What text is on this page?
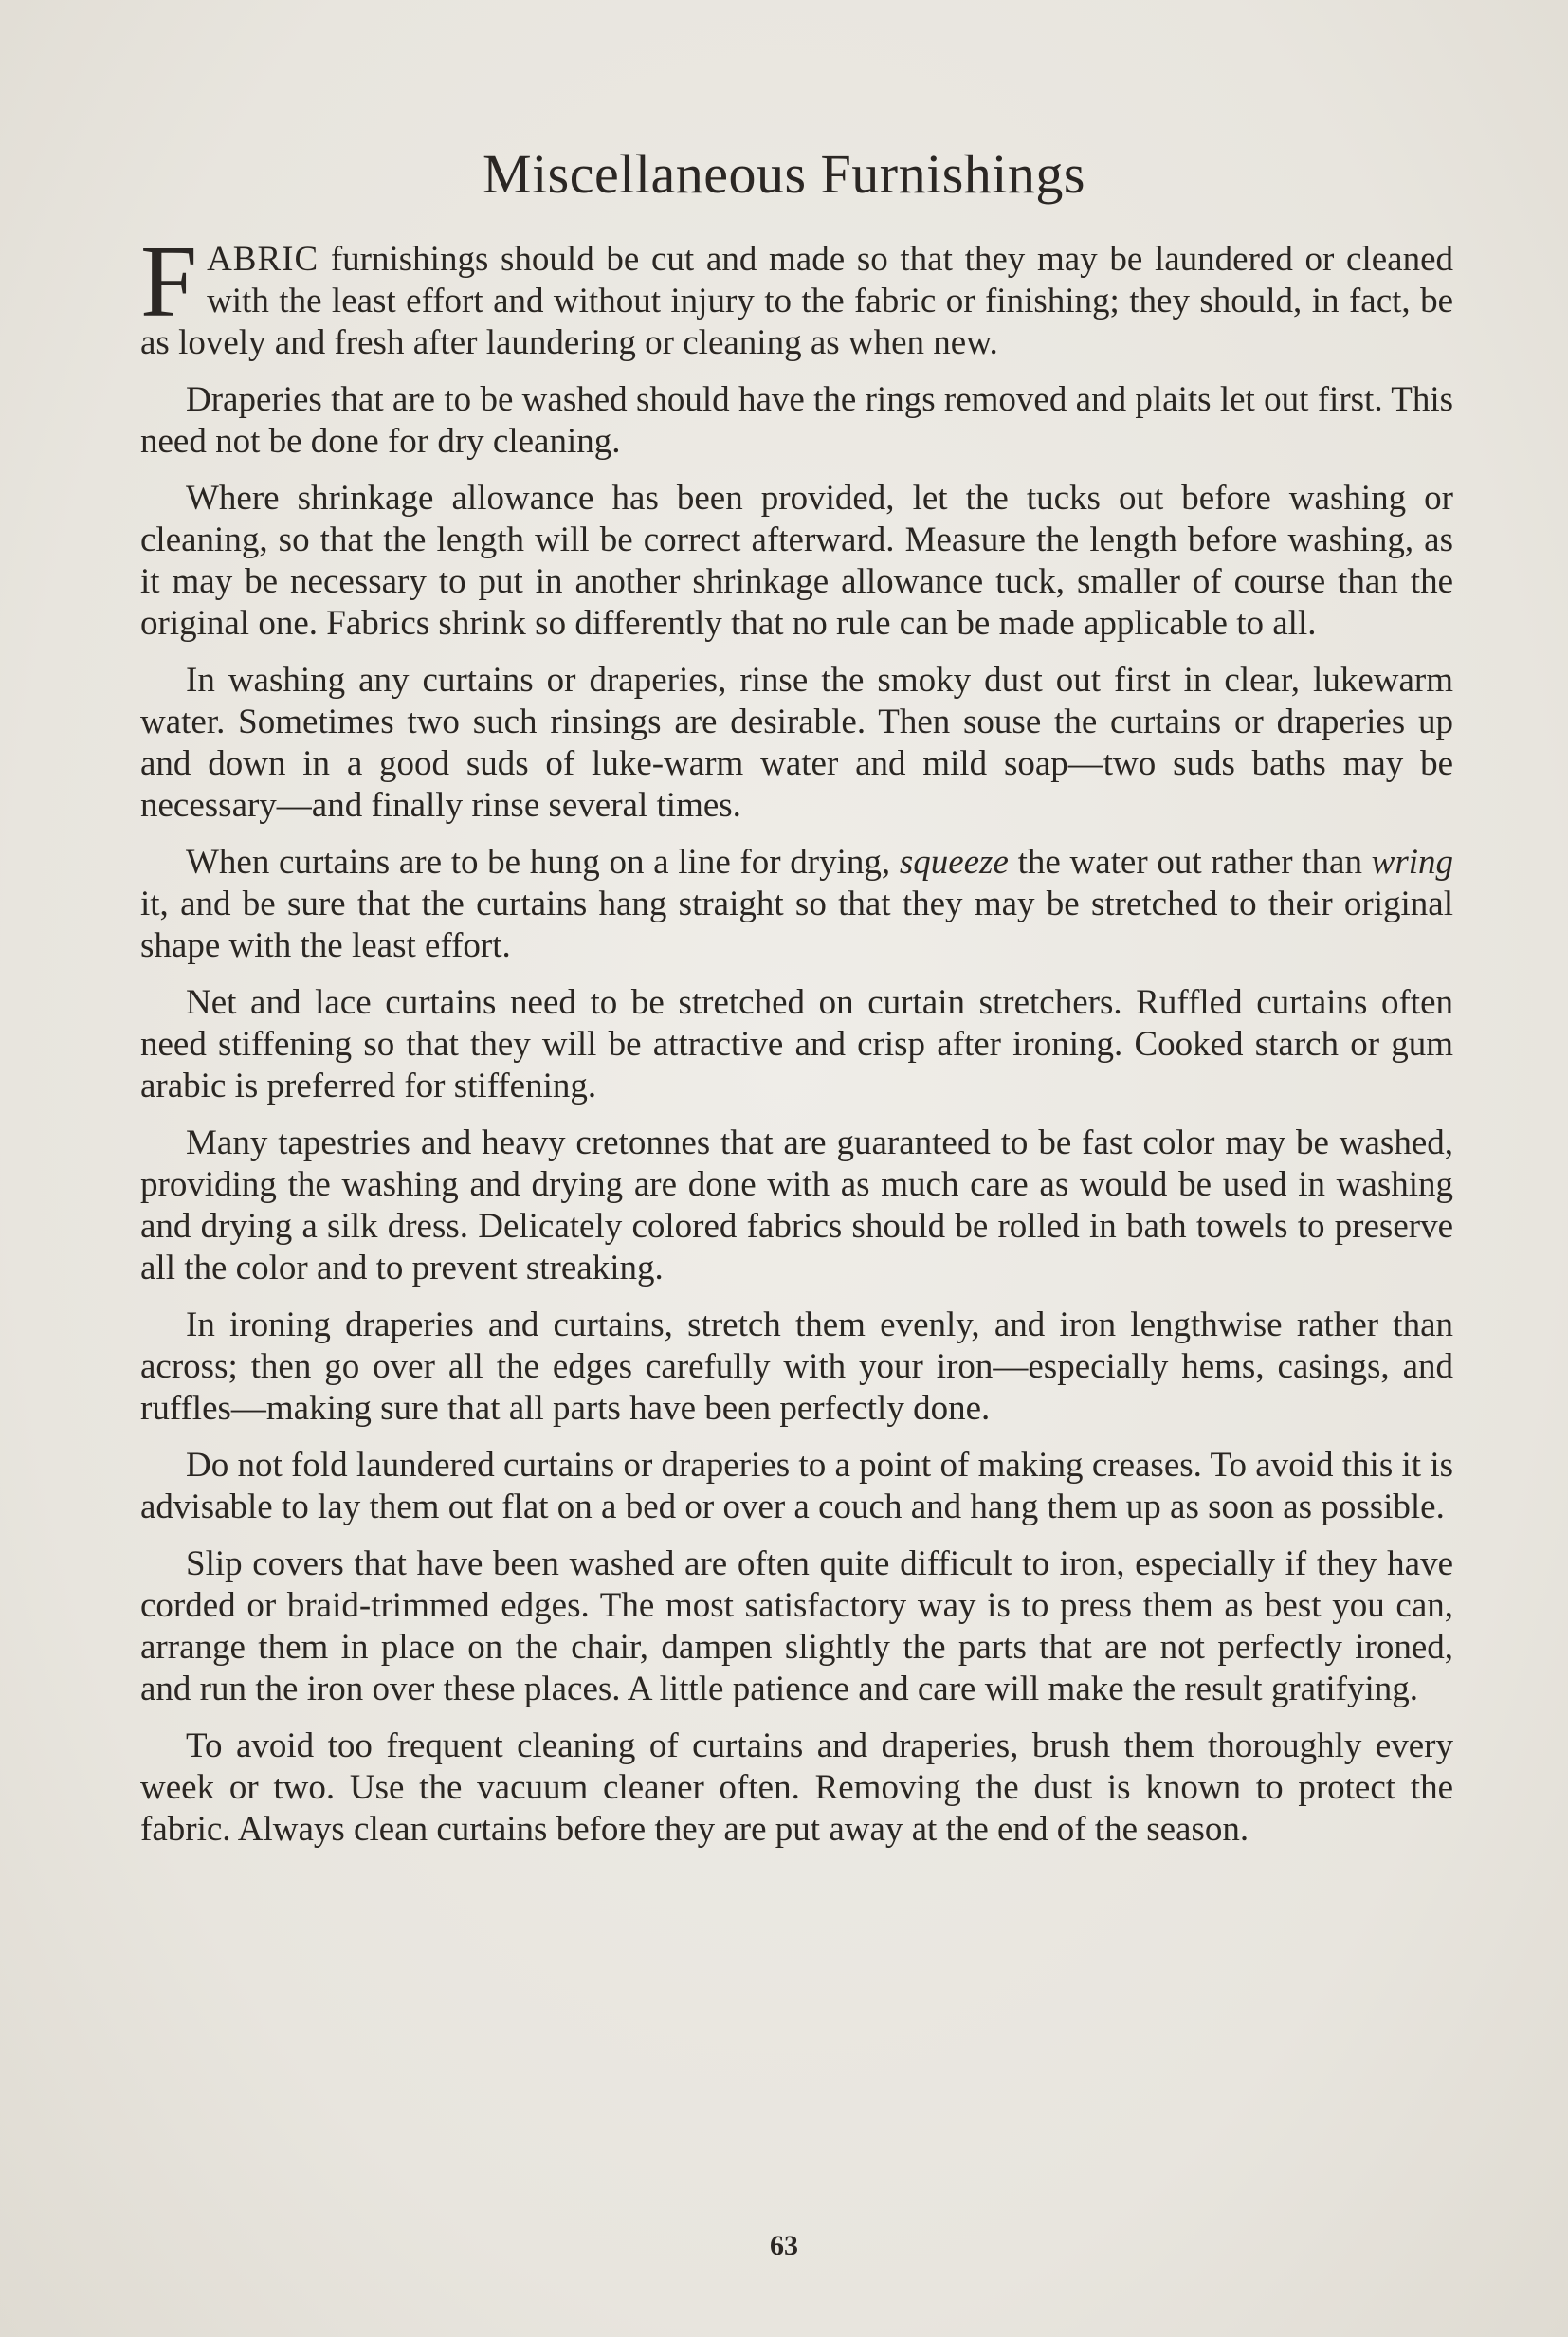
Miscellaneous Furnishings

FABRIC furnishings should be cut and made so that they may be laundered or cleaned with the least effort and without injury to the fabric or finishing; they should, in fact, be as lovely and fresh after laundering or cleaning as when new.

Draperies that are to be washed should have the rings removed and plaits let out first. This need not be done for dry cleaning.

Where shrinkage allowance has been provided, let the tucks out before washing or cleaning, so that the length will be correct afterward. Measure the length before washing, as it may be necessary to put in another shrinkage allowance tuck, smaller of course than the original one. Fabrics shrink so differently that no rule can be made applicable to all.

In washing any curtains or draperies, rinse the smoky dust out first in clear, lukewarm water. Sometimes two such rinsings are desirable. Then souse the curtains or draperies up and down in a good suds of luke-warm water and mild soap—two suds baths may be necessary—and finally rinse several times.

When curtains are to be hung on a line for drying, squeeze the water out rather than wring it, and be sure that the curtains hang straight so that they may be stretched to their original shape with the least effort.

Net and lace curtains need to be stretched on curtain stretchers. Ruffled curtains often need stiffening so that they will be attractive and crisp after ironing. Cooked starch or gum arabic is preferred for stiffening.

Many tapestries and heavy cretonnes that are guaranteed to be fast color may be washed, providing the washing and drying are done with as much care as would be used in washing and drying a silk dress. Delicately colored fabrics should be rolled in bath towels to preserve all the color and to prevent streaking.

In ironing draperies and curtains, stretch them evenly, and iron lengthwise rather than across; then go over all the edges carefully with your iron—especially hems, casings, and ruffles—making sure that all parts have been perfectly done.

Do not fold laundered curtains or draperies to a point of making creases. To avoid this it is advisable to lay them out flat on a bed or over a couch and hang them up as soon as possible.

Slip covers that have been washed are often quite difficult to iron, especially if they have corded or braid-trimmed edges. The most satisfactory way is to press them as best you can, arrange them in place on the chair, dampen slightly the parts that are not perfectly ironed, and run the iron over these places. A little patience and care will make the result gratifying.

To avoid too frequent cleaning of curtains and draperies, brush them thoroughly every week or two. Use the vacuum cleaner often. Removing the dust is known to protect the fabric. Always clean curtains before they are put away at the end of the season.

63
